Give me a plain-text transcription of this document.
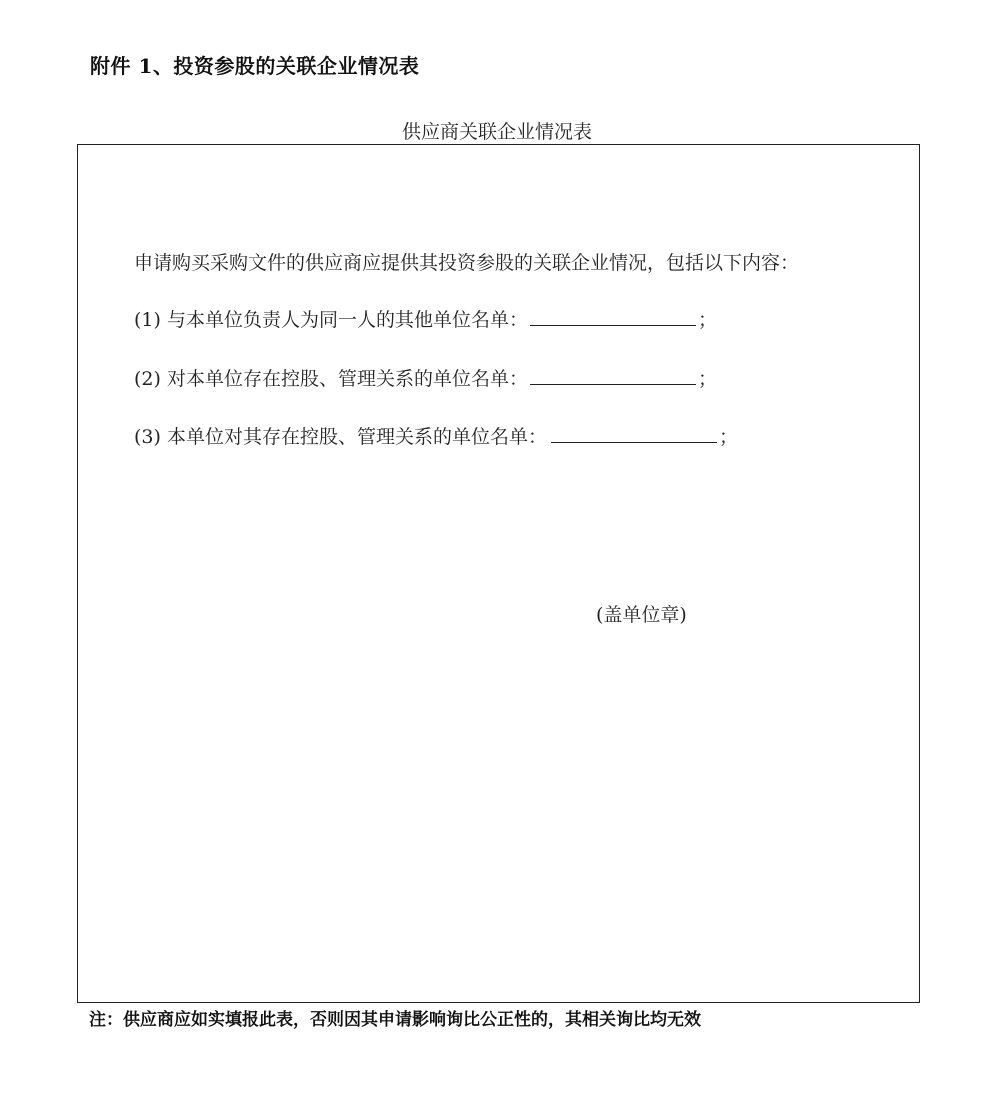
附件 1、投资参股的关联企业情况表
供应商关联企业情况表
申请购买采购文件的供应商应提供其投资参股的关联企业情况，包括以下内容：
(1) 与本单位负责人为同一人的其他单位名单：	；
(2) 对本单位存在控股、管理关系的单位名单：	；
(3) 本单位对其存在控股、管理关系的单位名单：	；
(盖单位章)
注：供应商应如实填报此表，否则因其申请影响询比公正性的，其相关询比均无效
